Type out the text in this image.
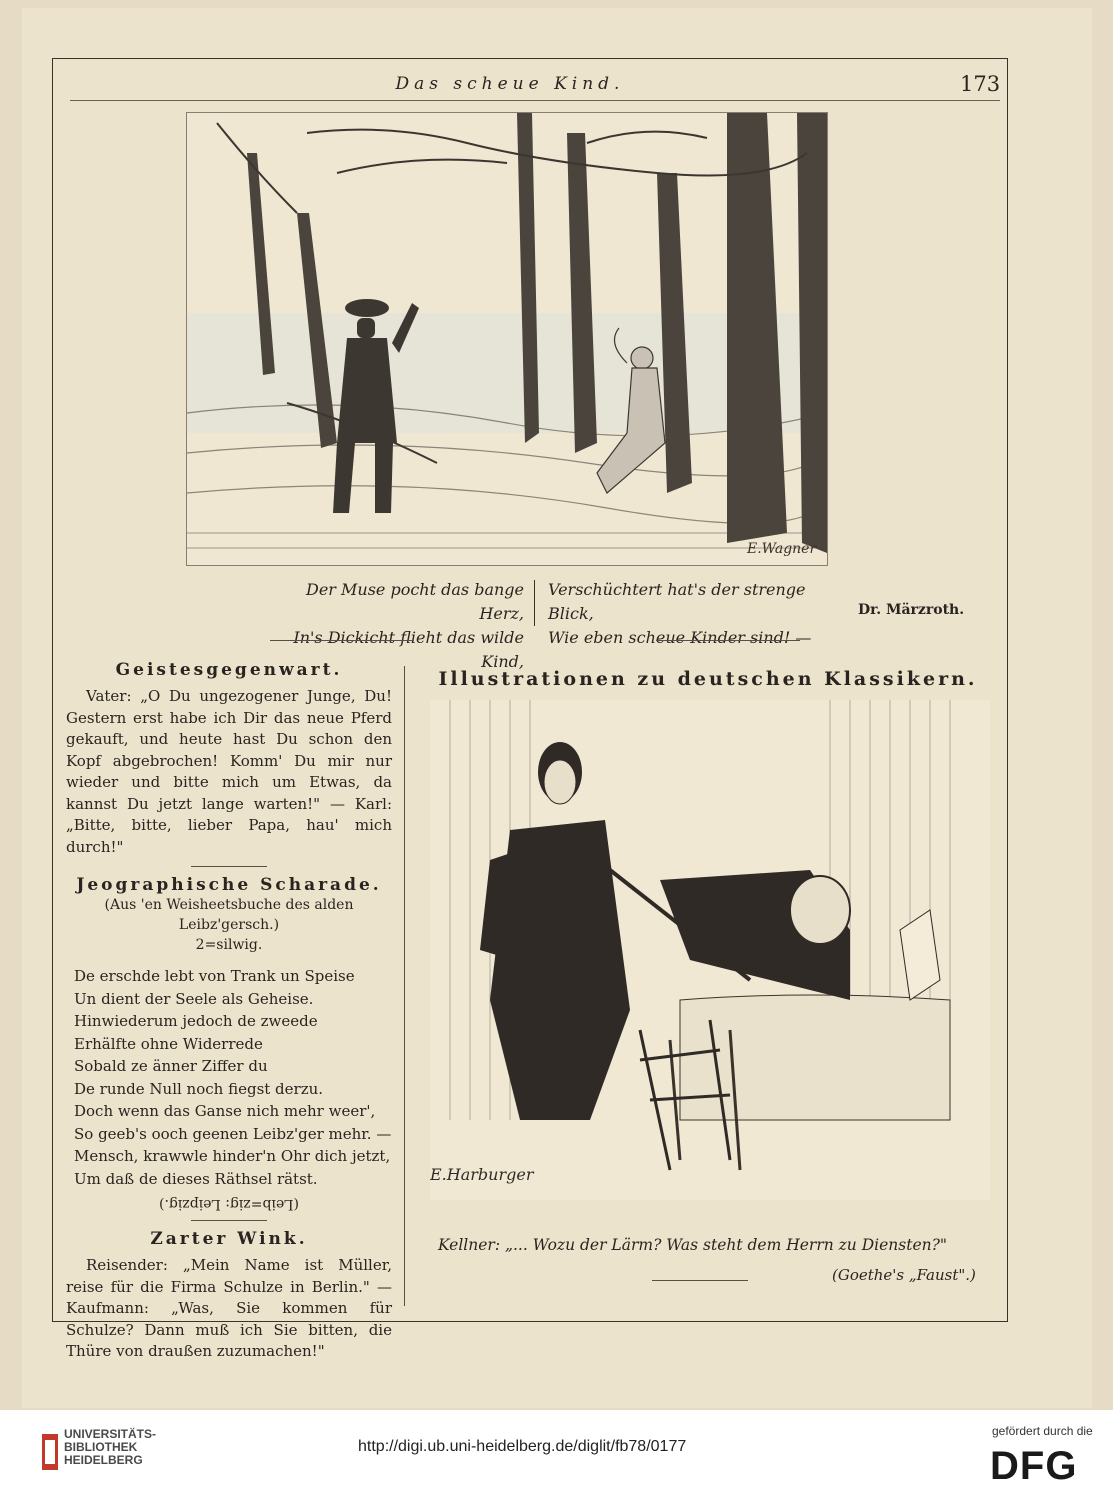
Das scheue Kind.	173
E.Wagner
Der Muse pocht das bange Herz,
In's Dickicht flieht das wilde Kind,
Verschüchtert hat's der strenge Blick,
Wie eben scheue Kinder sind! —
Dr. Märzroth.
Geistesgegenwart.

Vater: „O Du ungezogener Junge, Du! Gestern erst habe ich Dir das neue Pferd gekauft, und heute hast Du schon den Kopf abgebrochen! Komm' Du mir nur wieder und bitte mich um Etwas, da kannst Du jetzt lange warten!" — Karl: „Bitte, bitte, lieber Papa, hau' mich durch!"

Jeographische Scharade.
(Aus 'en Weisheetsbuche des alden Leibz'gersch.)
2=silwig.
De erschde lebt von Trank un Speise
Un dient der Seele als Geheise.
Hinwiederum jedoch de zweede
Erhälfte ohne Widerrede
Sobald ze änner Ziffer du
De runde Null noch fiegst derzu.
Doch wenn das Ganse nich mehr weer',
So geeb's ooch geenen Leibz'ger mehr. —
Mensch, krawwle hinder'n Ohr dich jetzt,
Um daß de dieses Räthsel rätst.
(Leib=zig: Leipzig.)
Zarter Wink.

Reisender: „Mein Name ist Müller, reise für die Firma Schulze in Berlin." — Kaufmann: „Was, Sie kommen für Schulze? Dann muß ich Sie bitten, die Thüre von draußen zuzumachen!"

Illustrationen zu deutschen Klassikern.
E.Harburger
Kellner: „... Wozu der Lärm? Was steht dem Herrn zu Diensten?"
(Goethe's „Faust".)
UNIVERSITÄTS-
BIBLIOTHEK
HEIDELBERG
http://digi.ub.uni-heidelberg.de/diglit/fb78/0177
gefördert durch die
DFG
